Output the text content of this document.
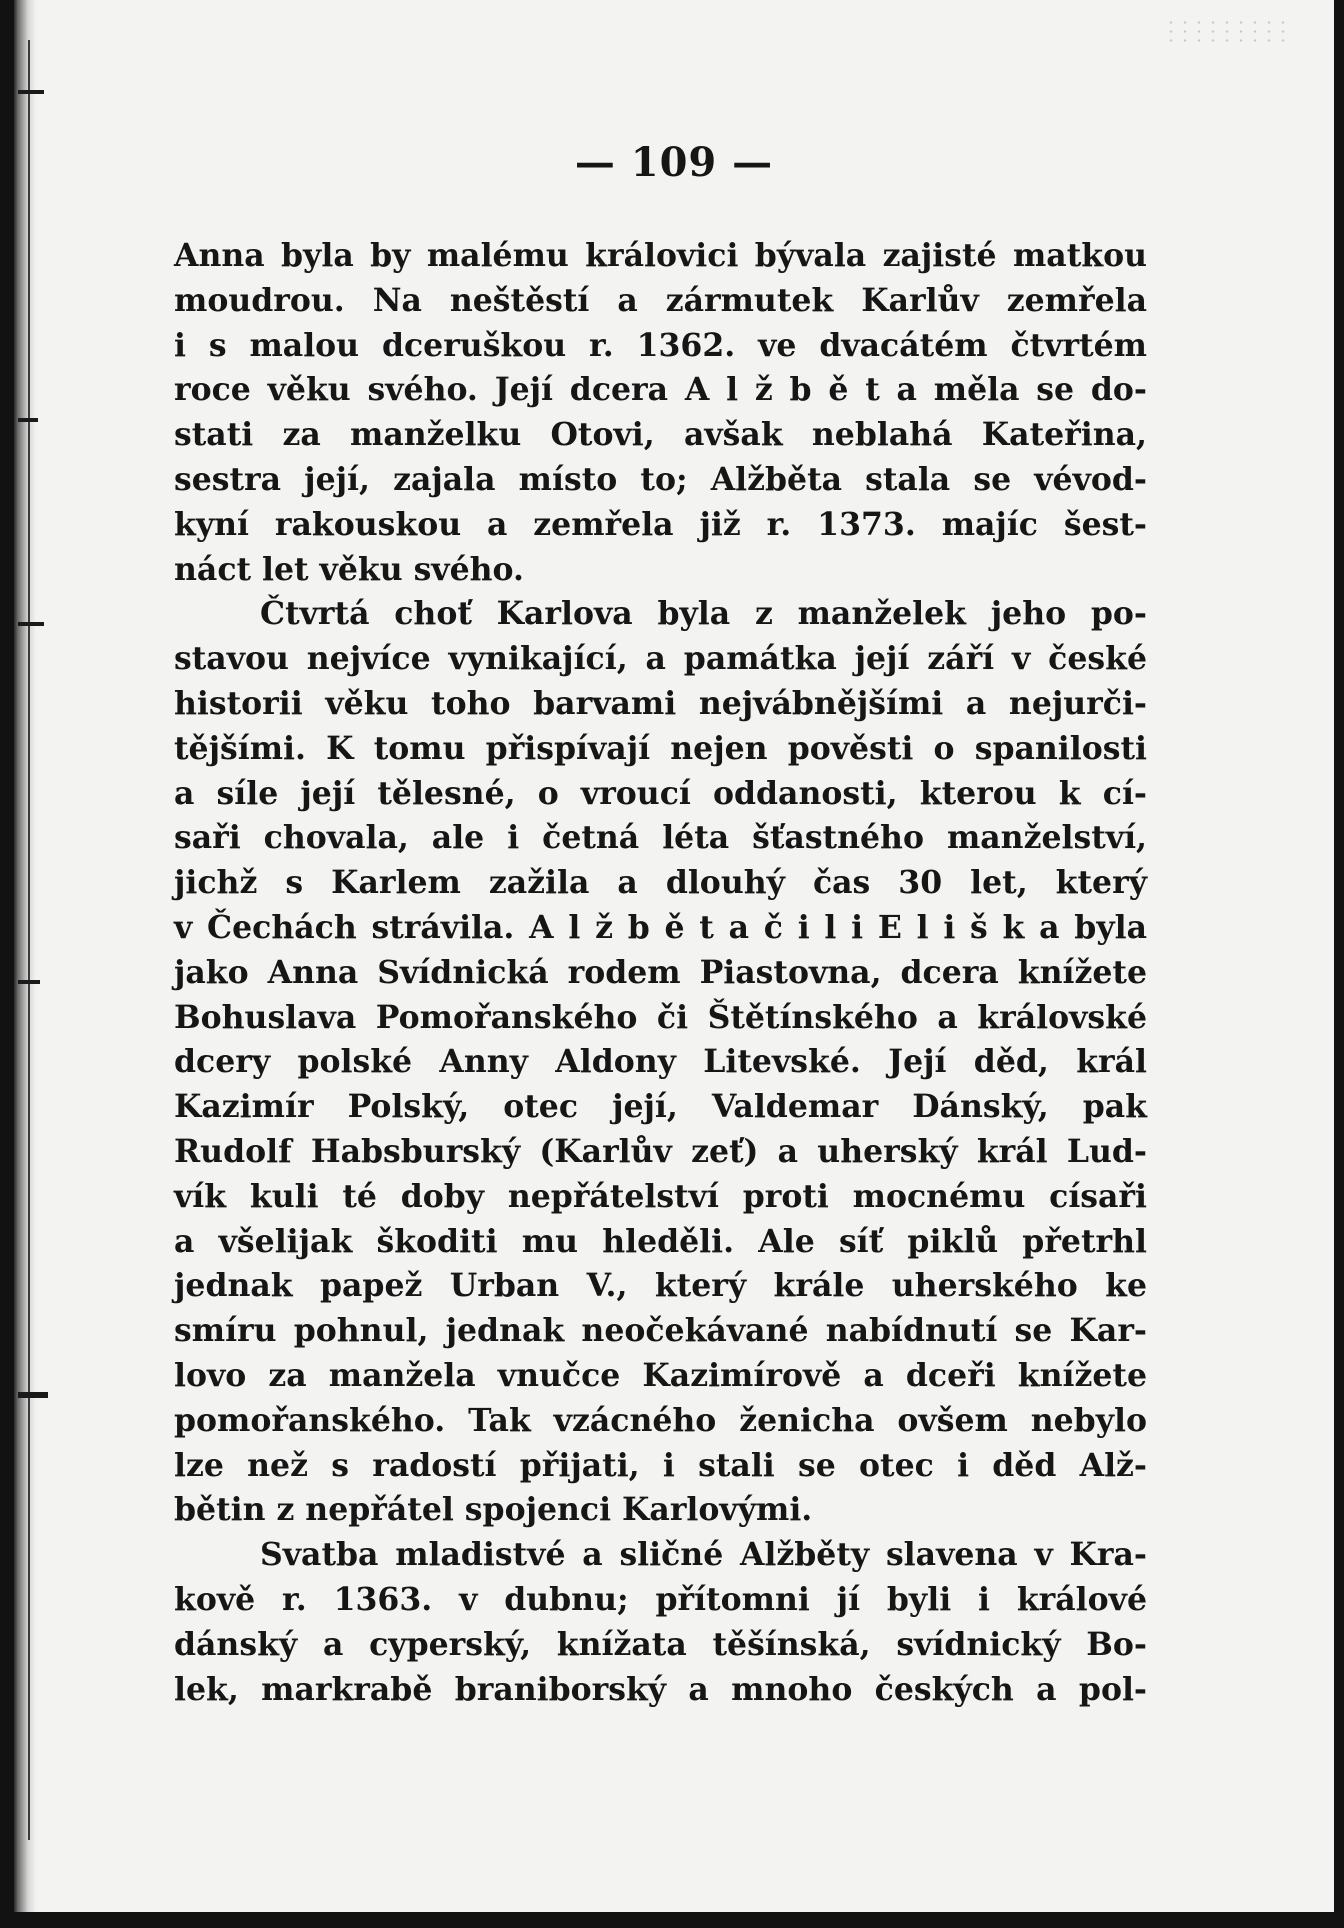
— 109 —
Anna byla by malému královici bývala zajisté matkou
moudrou. Na neštěstí a zármutek Karlův zemřela
i s malou dceruškou r. 1362. ve dvacátém čtvrtém
roce věku svého. Její dcera A l ž b ě t a měla se do-
stati za manželku Otovi, avšak neblahá Kateřina,
sestra její, zajala místo to; Alžběta stala se vévod-
kyní rakouskou a zemřela již r. 1373. majíc šest-
náct let věku svého.
Čtvrtá choť Karlova byla z manželek jeho po-
stavou nejvíce vynikající, a památka její září v české
historii věku toho barvami nejvábnějšími a nejurči-
tějšími. K tomu přispívají nejen pověsti o spanilosti
a síle její tělesné, o vroucí oddanosti, kterou k cí-
saři chovala, ale i četná léta šťastného manželství,
jichž s Karlem zažila a dlouhý čas 30 let, který
v Čechách strávila. A l ž b ě t a č i l i E l i š k a byla
jako Anna Svídnická rodem Piastovna, dcera knížete
Bohuslava Pomořanského či Štětínského a královské
dcery polské Anny Aldony Litevské. Její děd, král
Kazimír Polský, otec její, Valdemar Dánský, pak
Rudolf Habsburský (Karlův zeť) a uherský král Lud-
vík kuli té doby nepřátelství proti mocnému císaři
a všelijak škoditi mu hleděli. Ale síť piklů přetrhl
jednak papež Urban V., který krále uherského ke
smíru pohnul, jednak neočekávané nabídnutí se Kar-
lovo za manžela vnučce Kazimírově a dceři knížete
pomořanského. Tak vzácného ženicha ovšem nebylo
lze než s radostí přijati, i stali se otec i děd Alž-
bětin z nepřátel spojenci Karlovými.
Svatba mladistvé a sličné Alžběty slavena v Kra-
kově r. 1363. v dubnu; přítomni jí byli i králové
dánský a cyperský, knížata těšínská, svídnický Bo-
lek, markrabě braniborský a mnoho českých a pol-
